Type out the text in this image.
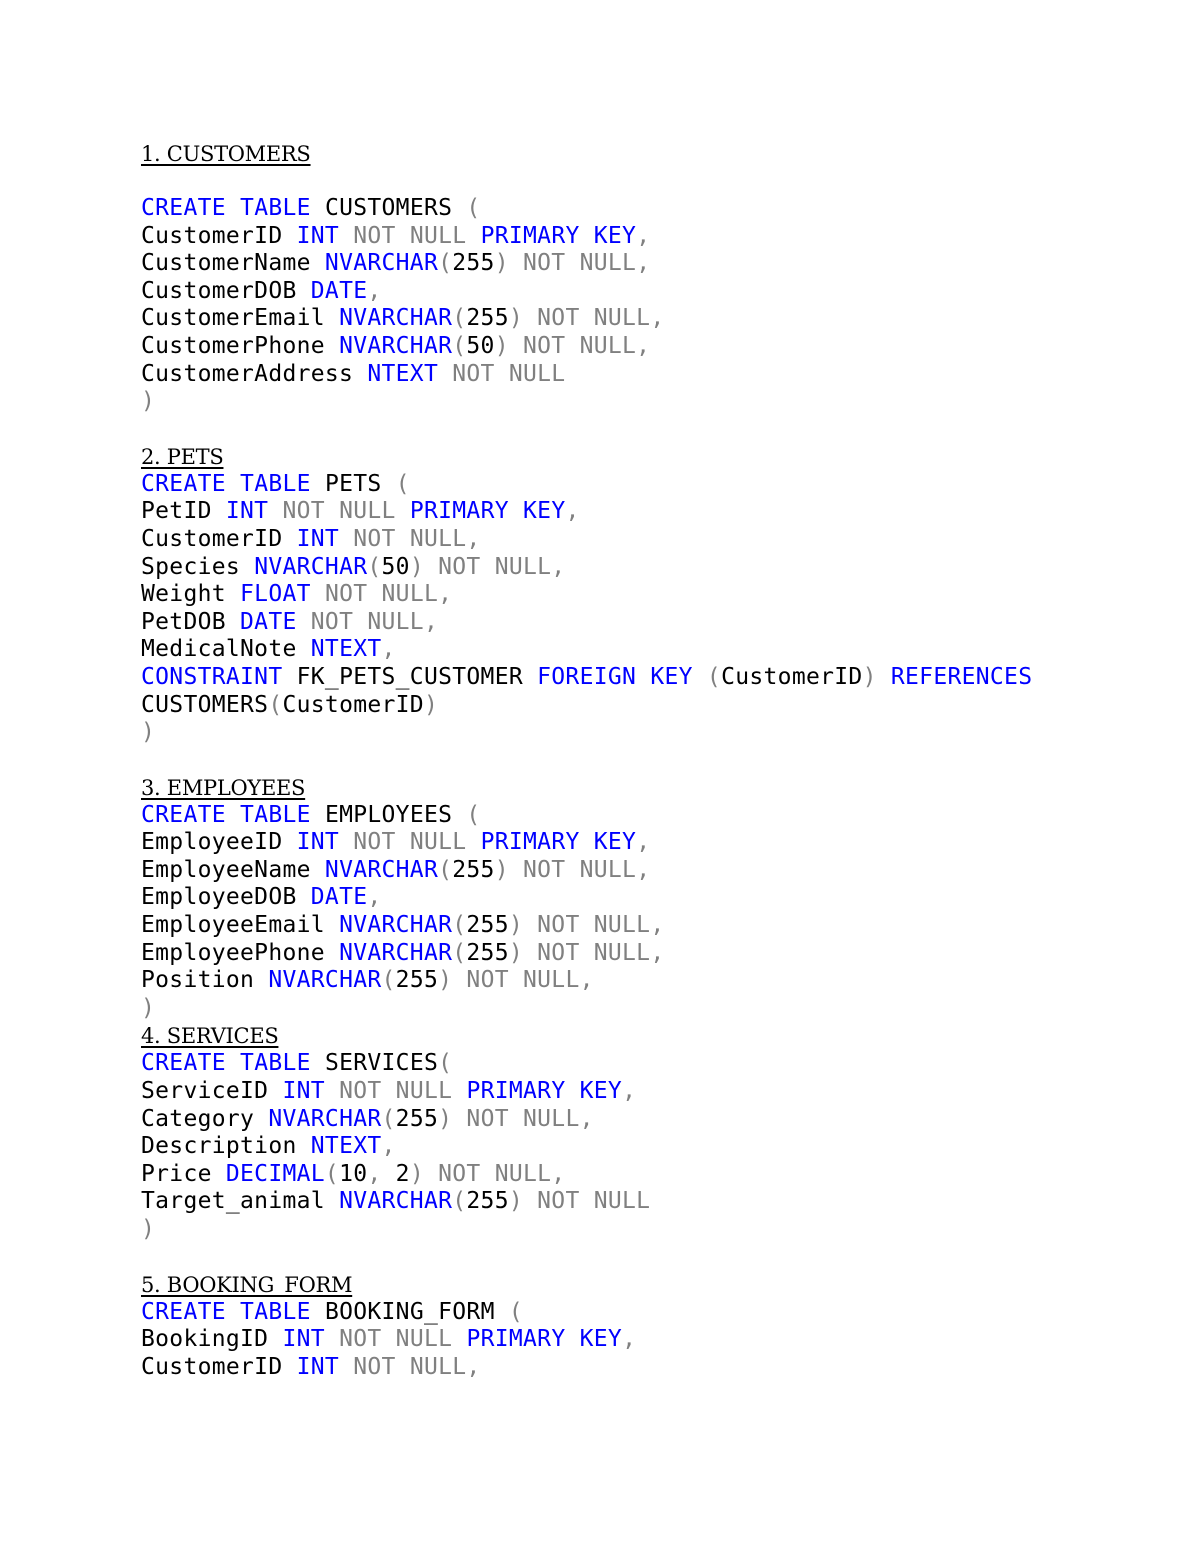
1. CUSTOMERS
CREATE TABLE CUSTOMERS (
CustomerID INT NOT NULL PRIMARY KEY,
CustomerName NVARCHAR(255) NOT NULL,
CustomerDOB DATE,
CustomerEmail NVARCHAR(255) NOT NULL,
CustomerPhone NVARCHAR(50) NOT NULL,
CustomerAddress NTEXT NOT NULL
)
2. PETS
CREATE TABLE PETS (
PetID INT NOT NULL PRIMARY KEY,
CustomerID INT NOT NULL,
Species NVARCHAR(50) NOT NULL,
Weight FLOAT NOT NULL,
PetDOB DATE NOT NULL,
MedicalNote NTEXT,
CONSTRAINT FK_PETS_CUSTOMER FOREIGN KEY (CustomerID) REFERENCES
CUSTOMERS(CustomerID)
)
3. EMPLOYEES
CREATE TABLE EMPLOYEES (
EmployeeID INT NOT NULL PRIMARY KEY,
EmployeeName NVARCHAR(255) NOT NULL,
EmployeeDOB DATE,
EmployeeEmail NVARCHAR(255) NOT NULL,
EmployeePhone NVARCHAR(255) NOT NULL,
Position NVARCHAR(255) NOT NULL,
)
4. SERVICES
CREATE TABLE SERVICES(
ServiceID INT NOT NULL PRIMARY KEY,
Category NVARCHAR(255) NOT NULL,
Description NTEXT,
Price DECIMAL(10, 2) NOT NULL,
Target_animal NVARCHAR(255) NOT NULL
)
5. BOOKING_FORM
CREATE TABLE BOOKING_FORM (
BookingID INT NOT NULL PRIMARY KEY,
CustomerID INT NOT NULL,
